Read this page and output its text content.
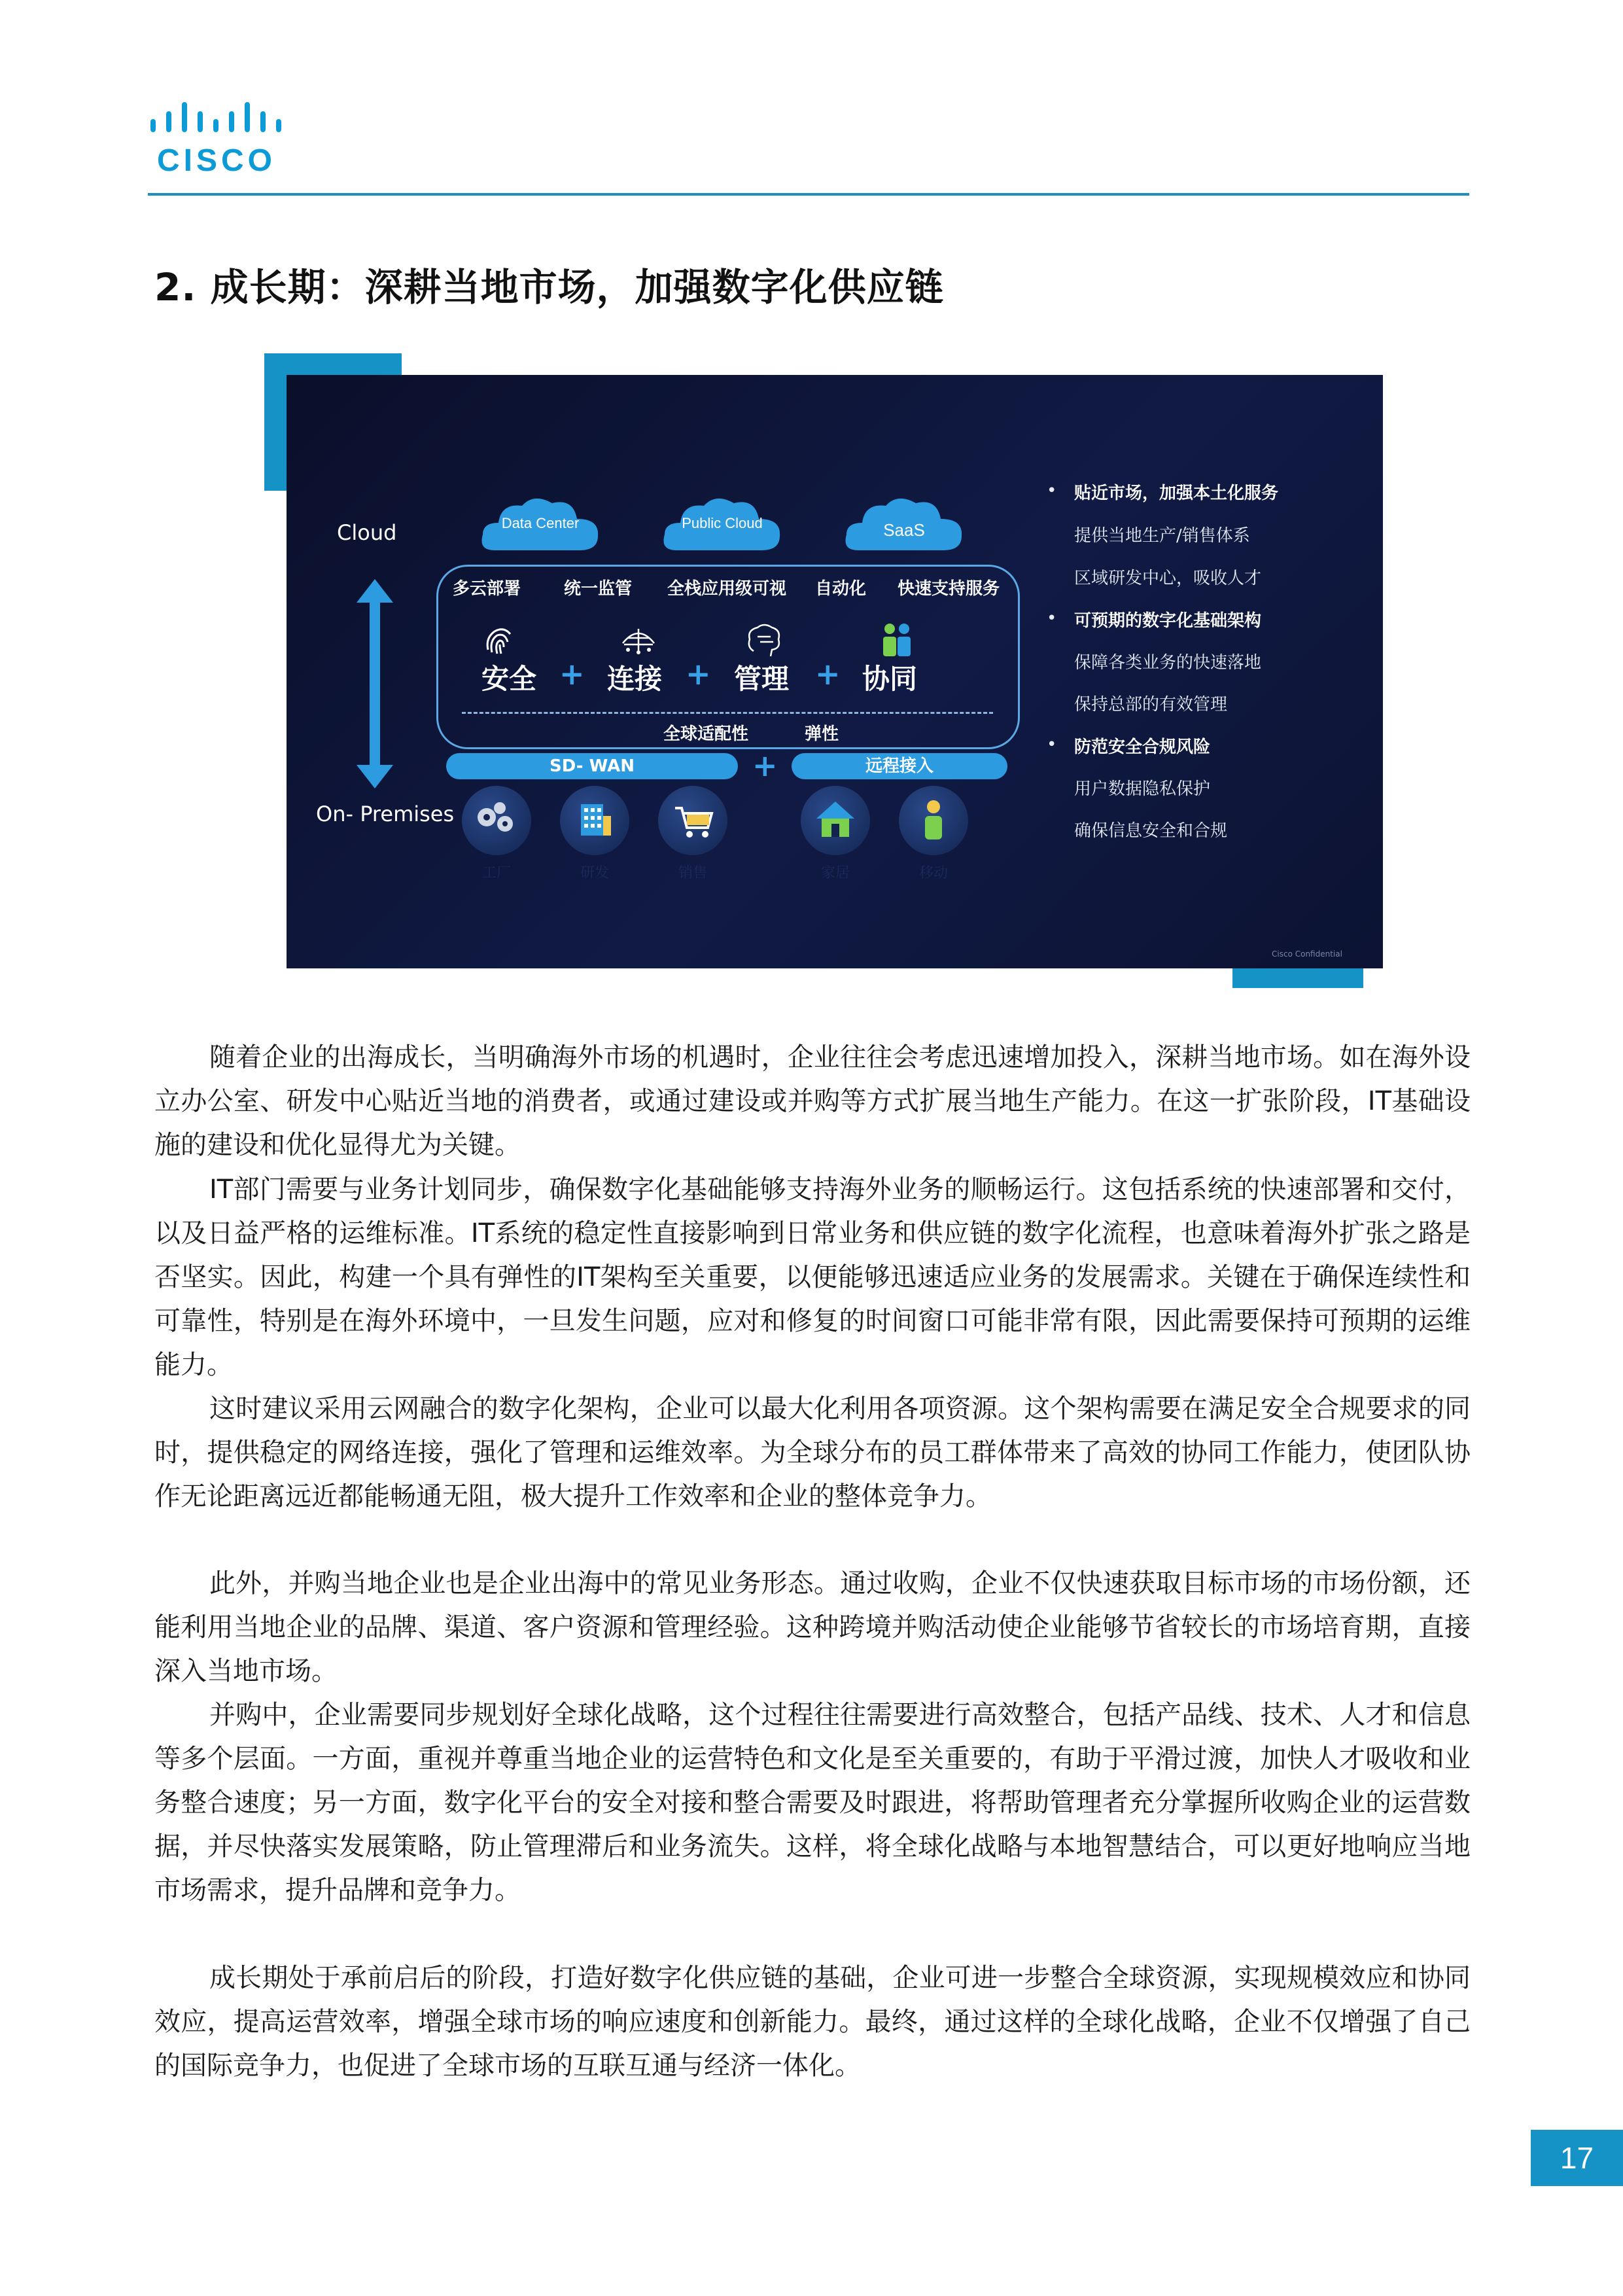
CISCO
2. 成长期：深耕当地市场，加强数字化供应链
Cloud
On- Premises
Data Center	Public Cloud	SaaS
多云部署	统一监管 全栈应用级可视 自动化 快速支持服务
安全 + 连接 + 管理 + 协同
全球适配性	弹性
SD- WAN	+	远程接入
工厂	研发	销售	家居	移动
• 贴近市场，加强本土化服务
提供当地生产/销售体系
区域研发中心，吸收人才
• 可预期的数字化基础架构
保障各类业务的快速落地
保持总部的有效管理
• 防范安全合规风险
用户数据隐私保护
确保信息安全和合规
Cisco Confidential
随着企业的出海成长，当明确海外市场的机遇时，企业往往会考虑迅速增加投入，深耕当地市场。如在海外设立办公室、研发中心贴近当地的消费者，或通过建设或并购等方式扩展当地生产能力。在这一扩张阶段，IT基础设施的建设和优化显得尤为关键。
IT部门需要与业务计划同步，确保数字化基础能够支持海外业务的顺畅运行。这包括系统的快速部署和交付，以及日益严格的运维标准。IT系统的稳定性直接影响到日常业务和供应链的数字化流程，也意味着海外扩张之路是否坚实。因此，构建一个具有弹性的IT架构至关重要，以便能够迅速适应业务的发展需求。关键在于确保连续性和可靠性，特别是在海外环境中，一旦发生问题，应对和修复的时间窗口可能非常有限，因此需要保持可预期的运维能力。
这时建议采用云网融合的数字化架构，企业可以最大化利用各项资源。这个架构需要在满足安全合规要求的同时，提供稳定的网络连接，强化了管理和运维效率。为全球分布的员工群体带来了高效的协同工作能力，使团队协作无论距离远近都能畅通无阻，极大提升工作效率和企业的整体竞争力。
此外，并购当地企业也是企业出海中的常见业务形态。通过收购，企业不仅快速获取目标市场的市场份额，还能利用当地企业的品牌、渠道、客户资源和管理经验。这种跨境并购活动使企业能够节省较长的市场培育期，直接深入当地市场。
并购中，企业需要同步规划好全球化战略，这个过程往往需要进行高效整合，包括产品线、技术、人才和信息等多个层面。一方面，重视并尊重当地企业的运营特色和文化是至关重要的，有助于平滑过渡，加快人才吸收和业务整合速度；另一方面，数字化平台的安全对接和整合需要及时跟进，将帮助管理者充分掌握所收购企业的运营数据，并尽快落实发展策略，防止管理滞后和业务流失。这样，将全球化战略与本地智慧结合，可以更好地响应当地市场需求，提升品牌和竞争力。
成长期处于承前启后的阶段，打造好数字化供应链的基础，企业可进一步整合全球资源，实现规模效应和协同效应，提高运营效率，增强全球市场的响应速度和创新能力。最终，通过这样的全球化战略，企业不仅增强了自己的国际竞争力，也促进了全球市场的互联互通与经济一体化。
17
